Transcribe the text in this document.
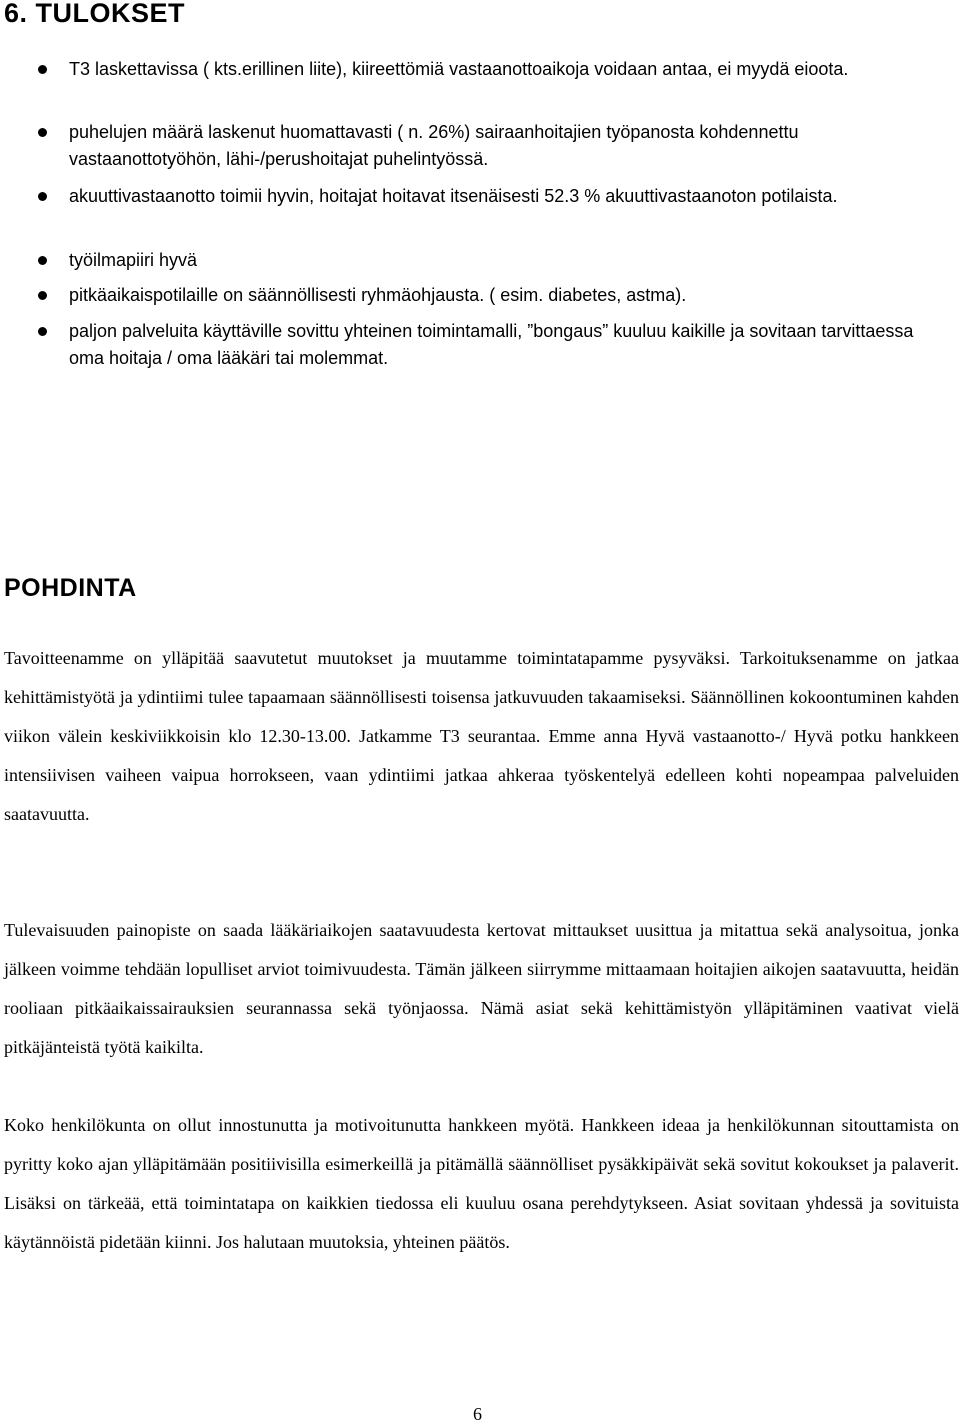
6. TULOKSET
T3 laskettavissa ( kts.erillinen liite), kiireettömiä vastaanottoaikoja voidaan antaa, ei myydä eioota.
puhelujen määrä laskenut huomattavasti ( n. 26%) sairaanhoitajien työpanosta kohdennettu vastaanottotyöhön, lähi-/perushoitajat puhelintyössä.
akuuttivastaanotto toimii hyvin, hoitajat hoitavat itsenäisesti 52.3 % akuuttivastaanoton potilaista.
työilmapiiri hyvä
pitkäaikaispotilaille on säännöllisesti ryhmäohjausta. ( esim. diabetes, astma).
paljon palveluita käyttäville sovittu yhteinen toimintamalli, ”bongaus” kuuluu kaikille ja sovitaan tarvittaessa oma hoitaja / oma lääkäri tai molemmat.
POHDINTA

Tavoitteenamme on ylläpitää saavutetut muutokset ja muutamme toimintatapamme pysyväksi. Tarkoituksenamme on jatkaa kehittämistyötä ja ydintiimi tulee tapaamaan säännöllisesti toisensa jatkuvuuden takaamiseksi. Säännöllinen kokoontuminen kahden viikon välein keskiviikkoisin klo 12.30-13.00. Jatkamme T3 seurantaa. Emme anna Hyvä vastaanotto-/ Hyvä potku hankkeen intensiivisen vaiheen vaipua horrokseen, vaan ydintiimi jatkaa ahkeraa työskentelyä edelleen kohti nopeampaa palveluiden saatavuutta.

Tulevaisuuden painopiste on saada lääkäriaikojen saatavuudesta kertovat mittaukset uusittua ja mitattua sekä analysoitua, jonka jälkeen voimme tehdään lopulliset arviot toimivuudesta. Tämän jälkeen siirrymme mittaamaan hoitajien aikojen saatavuutta, heidän rooliaan pitkäaikaissairauksien seurannassa sekä työnjaossa. Nämä asiat sekä kehittämistyön ylläpitäminen vaativat vielä pitkäjänteistä työtä kaikilta.

Koko henkilökunta on ollut innostunutta ja motivoitunutta hankkeen myötä. Hankkeen ideaa ja henkilökunnan sitouttamista on pyritty koko ajan ylläpitämään positiivisilla esimerkeillä ja pitämällä säännölliset pysäkkipäivät sekä sovitut kokoukset ja palaverit. Lisäksi on tärkeää, että toimintatapa on kaikkien tiedossa eli kuuluu osana perehdytykseen. Asiat sovitaan yhdessä ja sovituista käytännöistä pidetään kiinni. Jos halutaan muutoksia, yhteinen päätös.

6
